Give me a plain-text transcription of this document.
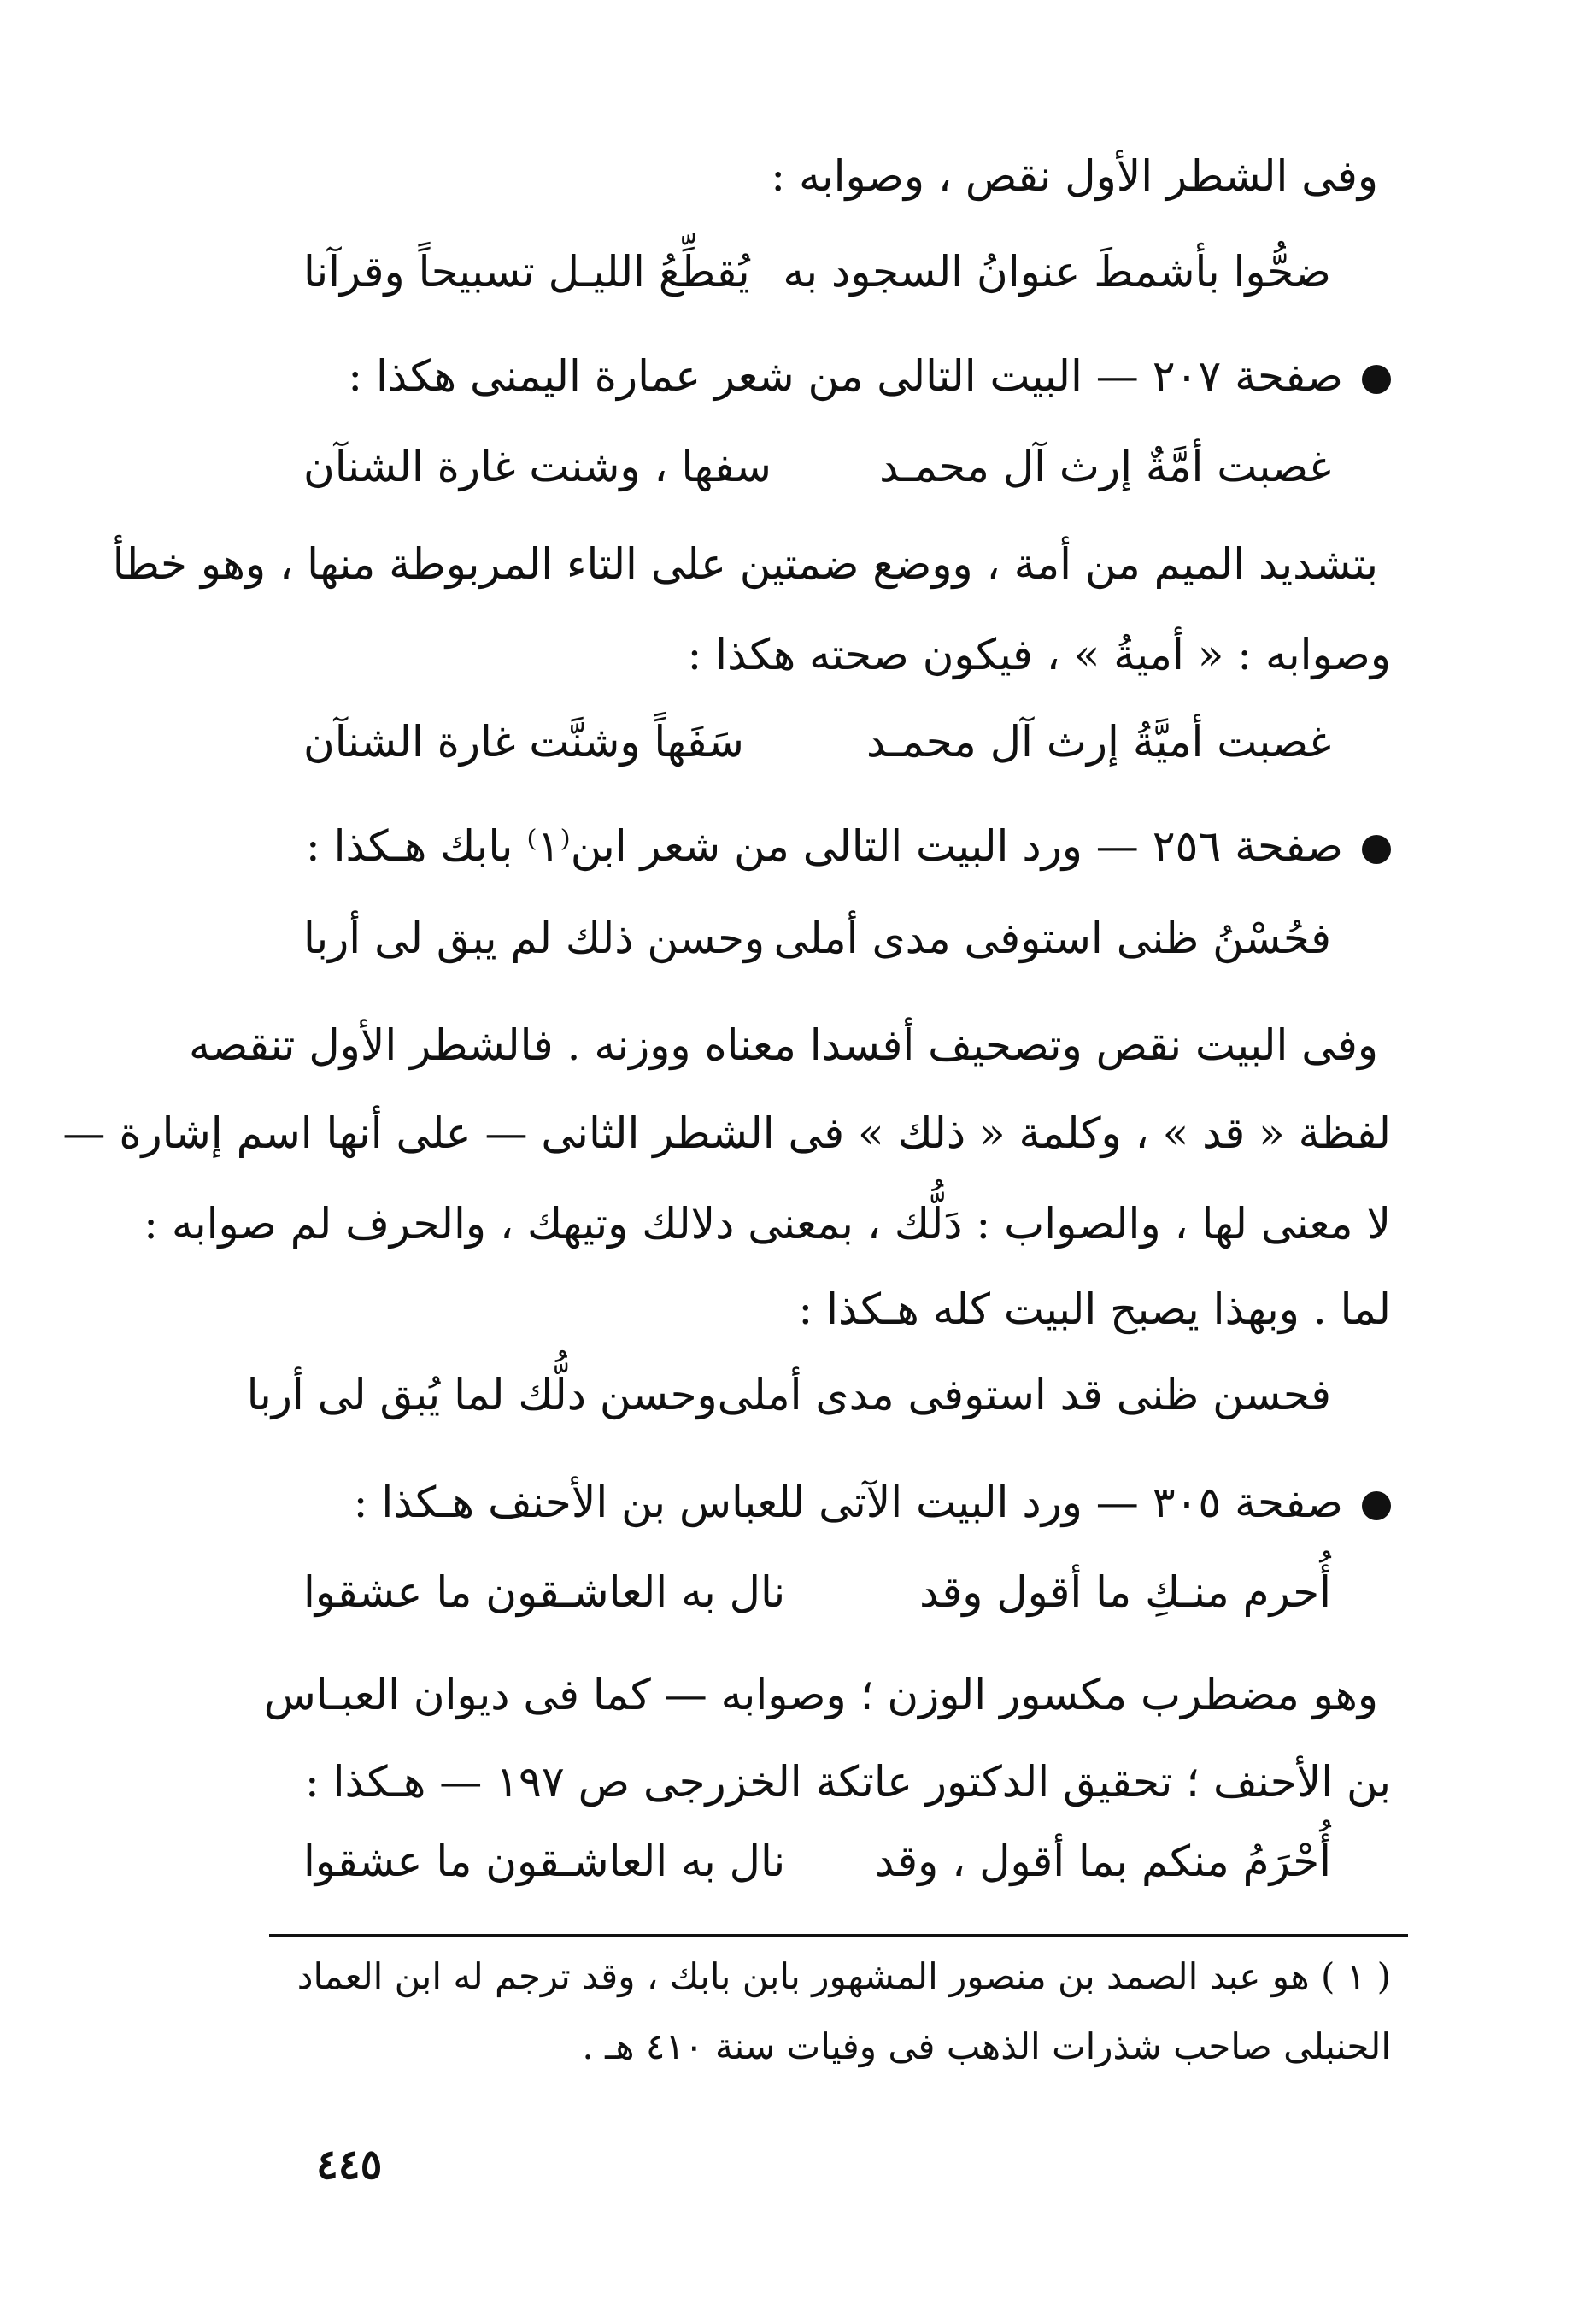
وفى الشطر الأول نقص ، وصوابه :
ضحُّوا بأشمطَ عنوانُ السجود به
يُقطِّعُ الليـل تسبيحاً وقرآنا
صفحة ٢٠٧ — البيت التالى من شعر عمارة اليمنى هكذا :
غصبت أمَّةٌ إرث آل محمـد
سفها ، وشنت غارة الشنآن
بتشديد الميم من أمة ، ووضع ضمتين على التاء المربوطة منها ، وهو خطأ
وصوابه : « أميةُ » ، فيكون صحته هكذا :
غصبت أميَّةُ إرث آل محمـد
سَفَهاً وشنَّت غارة الشنآن
صفحة ٢٥٦ — ورد البيت التالى من شعر ابن⁽١⁾ بابك هـكذا :
فحُسْنُ ظنى استوفى مدى أملى
وحسن ذلك لم يبق لى أربا
وفى البيت نقص وتصحيف أفسدا معناه ووزنه . فالشطر الأول تنقصه
لفظة « قد » ، وكلمة « ذلك » فى الشطر الثانى — على أنها اسم إشارة —
لا معنى لها ، والصواب : دَلُّك ، بمعنى دلالك وتيهك ، والحرف لم صوابه :
لما . وبهذا يصبح البيت كله هـكذا :
فحسن ظنى قد استوفى مدى أملى
وحسن دلُّك لما يُبق لى أربا
صفحة ٣٠٥ — ورد البيت الآتى للعباس بن الأحنف هـكذا :
أُحرم منـكِ ما أقول وقد
نال به العاشـقون ما عشقوا
وهو مضطرب مكسور الوزن ؛ وصوابه — كما فى ديوان العبـاس
بن الأحنف ؛ تحقيق الدكتور عاتكة الخزرجى ص ١٩٧ — هـكذا :
أُحْرَمُ منكم بما أقول ، وقد
نال به العاشـقون ما عشقوا
( ١ ) هو عبد الصمد بن منصور المشهور بابن بابك ، وقد ترجم له ابن العماد
الحنبلى صاحب شذرات الذهب فى وفيات سنة ٤١٠ هـ .
٤٤٥
